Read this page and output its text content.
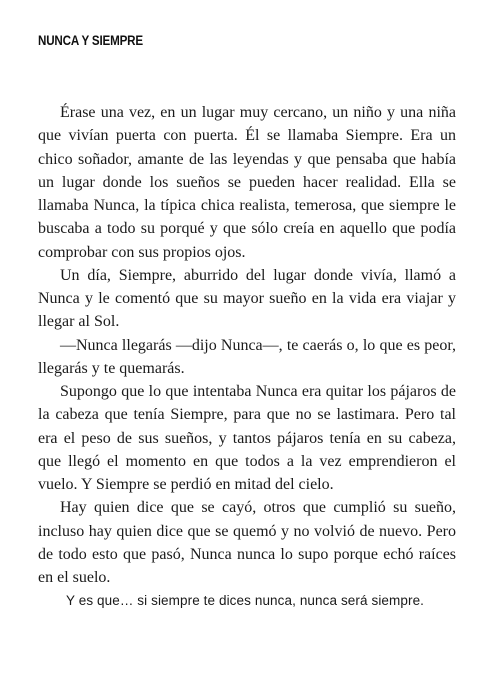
NUNCA Y SIEMPRE

Érase una vez, en un lugar muy cercano, un niño y una niña que vivían puerta con puerta. Él se llamaba Siempre. Era un chico soñador, amante de las leyendas y que pensaba que había un lugar donde los sueños se pueden hacer realidad. Ella se llamaba Nunca, la típica chica realista, temerosa, que siempre le buscaba a todo su porqué y que sólo creía en aquello que podía comprobar con sus propios ojos.

Un día, Siempre, aburrido del lugar donde vivía, llamó a Nunca y le comentó que su mayor sueño en la vida era viajar y llegar al Sol.

—Nunca llegarás —dijo Nunca—, te caerás o, lo que es peor, llegarás y te quemarás.

Supongo que lo que intentaba Nunca era quitar los pájaros de la cabeza que tenía Siempre, para que no se lastimara. Pero tal era el peso de sus sueños, y tantos pájaros tenía en su cabeza, que llegó el momento en que todos a la vez emprendieron el vuelo. Y Siempre se perdió en mitad del cielo.

Hay quien dice que se cayó, otros que cumplió su sueño, incluso hay quien dice que se quemó y no volvió de nuevo. Pero de todo esto que pasó, Nunca nunca lo supo porque echó raíces en el suelo.

Y es que… si siempre te dices nunca, nunca será siempre.
